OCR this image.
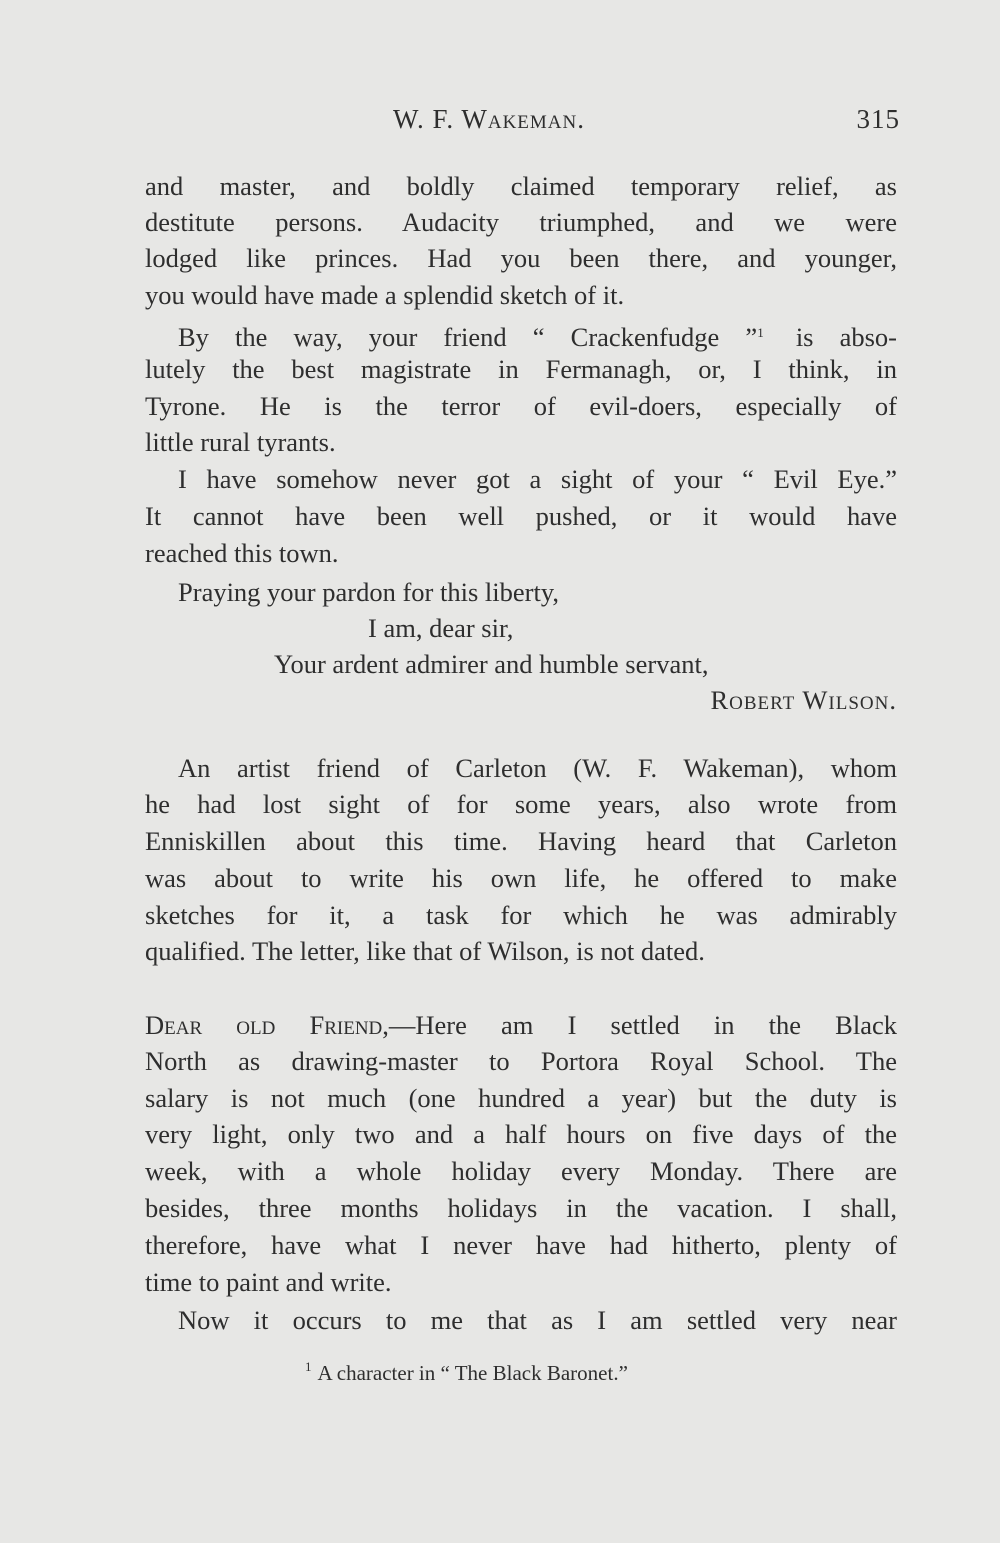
W. F. Wakeman.	315
and master, and boldly claimed temporary relief, as
destitute persons. Audacity triumphed, and we were
lodged like princes. Had you been there, and younger,
you would have made a splendid sketch of it.
By the way, your friend “ Crackenfudge ”$^1$ is abso-
lutely the best magistrate in Fermanagh, or, I think, in
Tyrone. He is the terror of evil-doers, especially of
little rural tyrants.
I have somehow never got a sight of your “ Evil Eye.”
It cannot have been well pushed, or it would have
reached this town.
Praying your pardon for this liberty,
I am, dear sir,
Your ardent admirer and humble servant,
Robert Wilson.
An artist friend of Carleton (W. F. Wakeman), whom
he had lost sight of for some years, also wrote from
Enniskillen about this time. Having heard that Carleton
was about to write his own life, he offered to make
sketches for it, a task for which he was admirably
qualified. The letter, like that of Wilson, is not dated.
Dear old Friend,—Here am I settled in the Black
North as drawing-master to Portora Royal School. The
salary is not much (one hundred a year) but the duty is
very light, only two and a half hours on five days of the
week, with a whole holiday every Monday. There are
besides, three months holidays in the vacation. I shall,
therefore, have what I never have had hitherto, plenty of
time to paint and write.
Now it occurs to me that as I am settled very near
$^1$ A character in “ The Black Baronet.”
